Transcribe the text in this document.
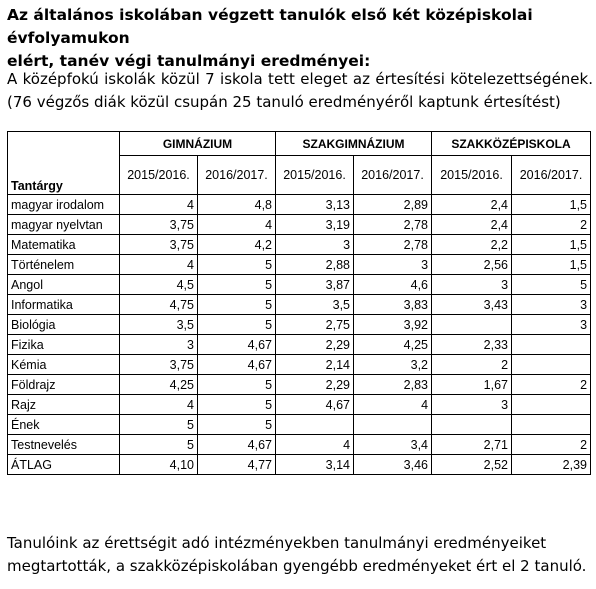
Az általános iskolában végzett tanulók első két középiskolai évfolyamukon
elért, tanév végi tanulmányi eredményei:
A középfokú iskolák közül 7 iskola tett eleget az értesítési kötelezettségének.
(76 végzős diák közül csupán 25 tanuló eredményéről kaptunk értesítést)
Tantárgy	GIMNÁZIUM		SZAKGIMNÁZIUM		SZAKKÖZÉPISKOLA	
	2015/2016.	2016/2017.	2015/2016.	2016/2017.	2015/2016.	2016/2017.
magyar irodalom	4	4,8	3,13	2,89	2,4	1,5
magyar nyelvtan	3,75	4	3,19	2,78	2,4	2
Matematika	3,75	4,2	3	2,78	2,2	1,5
Történelem	4	5	2,88	3	2,56	1,5
Angol	4,5	5	3,87	4,6	3	5
Informatika	4,75	5	3,5	3,83	3,43	3
Biológia	3,5	5	2,75	3,92		3
Fizika	3	4,67	2,29	4,25	2,33	
Kémia	3,75	4,67	2,14	3,2	2	
Földrajz	4,25	5	2,29	2,83	1,67	2
Rajz	4	5	4,67	4	3	
Ének	5	5				
Testnevelés	5	4,67	4	3,4	2,71	2
ÁTLAG	4,10	4,77	3,14	3,46	2,52	2,39
Tanulóink az érettségit adó intézményekben tanulmányi eredményeiket
megtartották, a szakközépiskolában gyengébb eredményeket ért el 2 tanuló.
